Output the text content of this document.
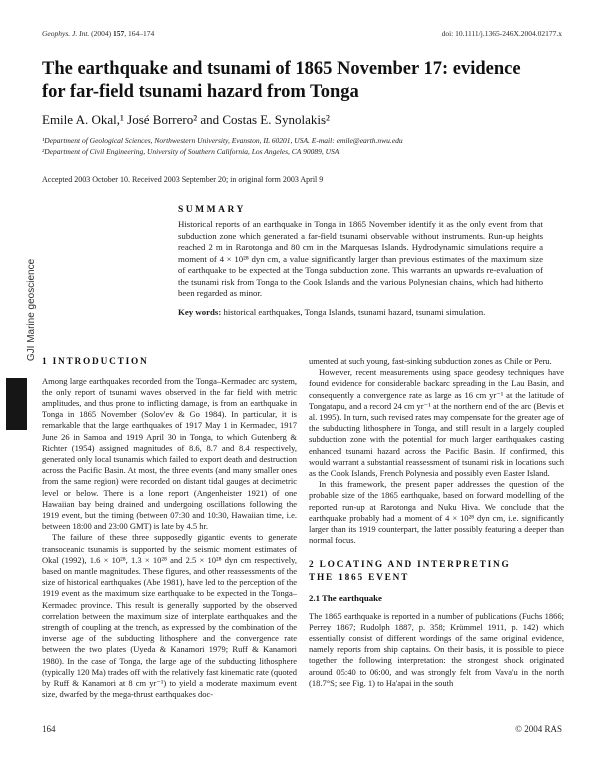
Geophys. J. Int. (2004) 157, 164–174	doi: 10.1111/j.1365-246X.2004.02177.x
The earthquake and tsunami of 1865 November 17: evidence
for far-field tsunami hazard from Tonga
Emile A. Okal,¹ José Borrero² and Costas E. Synolakis²
¹Department of Geological Sciences, Northwestern University, Evanston, IL 60201, USA. E-mail: emile@earth.nwu.edu
²Department of Civil Engineering, University of Southern California, Los Angeles, CA 90089, USA
Accepted 2003 October 10. Received 2003 September 20; in original form 2003 April 9
SUMMARY

Historical reports of an earthquake in Tonga in 1865 November identify it as the only event from that subduction zone which generated a far-field tsunami observable without instruments. Run-up heights reached 2 m in Rarotonga and 80 cm in the Marquesas Islands. Hydrodynamic simulations require a moment of 4 × 10²⁸ dyn cm, a value significantly larger than previous estimates of the maximum size of earthquake to be expected at the Tonga subduction zone. This warrants an upwards re-evaluation of the tsunami risk from Tonga to the Cook Islands and the various Polynesian chains, which had hitherto been regarded as minor.

Key words: historical earthquakes, Tonga Islands, tsunami hazard, tsunami simulation.

GJI Marine geoscience
1 INTRODUCTION

Among large earthquakes recorded from the Tonga–Kermadec arc system, the only report of tsunami waves observed in the far field with metric amplitudes, and thus prone to inflicting damage, is from an earthquake in Tonga in 1865 November (Solov'ev & Go 1984). In particular, it is remarkable that the large earthquakes of 1917 May 1 in Kermadec, 1917 June 26 in Samoa and 1919 April 30 in Tonga, to which Gutenberg & Richter (1954) assigned magnitudes of 8.6, 8.7 and 8.4 respectively, generated only local tsunamis which failed to export death and destruction across the Pacific Basin. At most, the three events (and many smaller ones from the same region) were recorded on distant tidal gauges at decimetric level or below. There is a lone report (Angenheister 1921) of one Hawaiian bay being drained and undergoing oscillations following the 1919 event, but the timing (between 07:30 and 10:30, Hawaiian time, i.e. between 18:00 and 23:00 GMT) is late by 4.5 hr.

The failure of these three supposedly gigantic events to generate transoceanic tsunamis is supported by the seismic moment estimates of Okal (1992), 1.6 × 10²⁸, 1.3 × 10²⁸ and 2.5 × 10²⁸ dyn cm respectively, based on mantle magnitudes. These figures, and other reassessments of the size of historical earthquakes (Abe 1981), have led to the perception of the 1919 event as the maximum size earthquake to be expected in the Tonga–Kermadec province. This result is generally supported by the observed correlation between the maximum size of interplate earthquakes and the strength of coupling at the trench, as expressed by the combination of the inverse age of the subducting lithosphere and the convergence rate between the two plates (Uyeda & Kanamori 1979; Ruff & Kanamori 1980). In the case of Tonga, the large age of the subducting lithosphere (typically 120 Ma) trades off with the relatively fast kinematic rate (quoted by Ruff & Kanamori at 8 cm yr⁻¹) to yield a moderate maximum event size, dwarfed by the mega-thrust earthquakes doc-

umented at such young, fast-sinking subduction zones as Chile or Peru.

However, recent measurements using space geodesy techniques have found evidence for considerable backarc spreading in the Lau Basin, and consequently a convergence rate as large as 16 cm yr⁻¹ at the latitude of Tongatapu, and a record 24 cm yr⁻¹ at the northern end of the arc (Bevis et al. 1995). In turn, such revised rates may compensate for the greater age of the subducting lithosphere in Tonga, and still result in a largely coupled subduction zone with the potential for much larger earthquakes casting enhanced tsunami hazard across the Pacific Basin. If confirmed, this would warrant a substantial reassessment of tsunami risk in locations such as the Cook Islands, French Polynesia and possibly even Easter Island.

In this framework, the present paper addresses the question of the probable size of the 1865 earthquake, based on forward modelling of the reported run-up at Rarotonga and Nuku Hiva. We conclude that the earthquake probably had a moment of 4 × 10²⁸ dyn cm, i.e. significantly larger than its 1919 counterpart, the latter possibly featuring a deeper than normal focus.

2 LOCATING AND INTERPRETING
THE 1865 EVENT
2.1 The earthquake

The 1865 earthquake is reported in a number of publications (Fuchs 1866; Perrey 1867; Rudolph 1887, p. 358; Krümmel 1911, p. 142) which essentially consist of different wordings of the same original evidence, namely reports from ship captains. On their basis, it is possible to piece together the following interpretation: the strongest shock originated around 05:40 to 06:00, and was strongly felt from Vava'u in the north (18.7°S; see Fig. 1) to Ha'apai in the south

164	© 2004 RAS
